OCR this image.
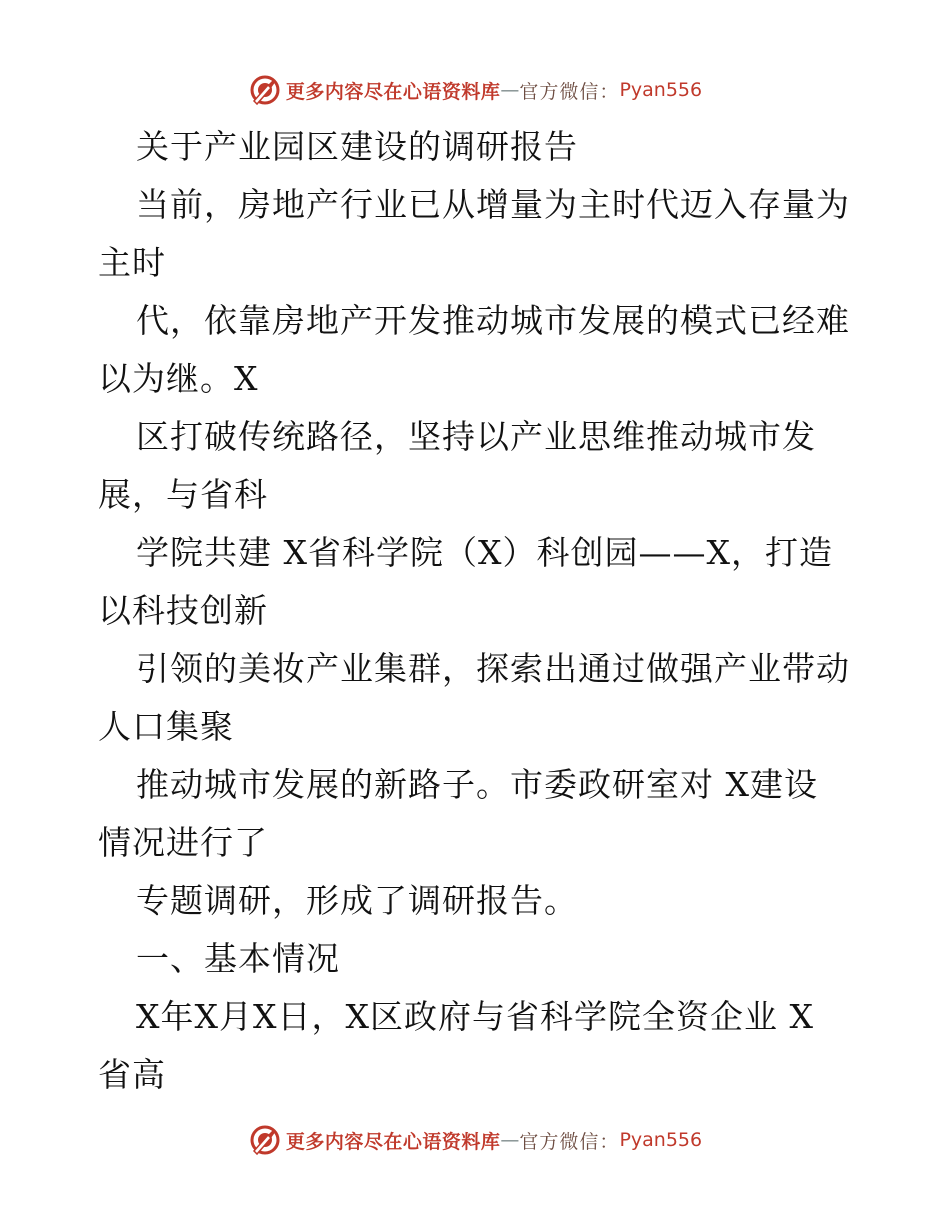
更多内容尽在心语资料库 — 官方微信： Pyan556
关于产业园区建设的调研报告
当前，房地产行业已从增量为主时代迈入存量为
主时
代，依靠房地产开发推动城市发展的模式已经难
以为继。X
区打破传统路径，坚持以产业思维推动城市发
展，与省科
学院共建 X省科学院（X）科创园——X，打造
以科技创新
引领的美妆产业集群，探索出通过做强产业带动
人口集聚
推动城市发展的新路子。市委政研室对 X建设
情况进行了
专题调研，形成了调研报告。
一、基本情况
X年X月X日，X区政府与省科学院全资企业 X
省高
更多内容尽在心语资料库 — 官方微信： Pyan556
